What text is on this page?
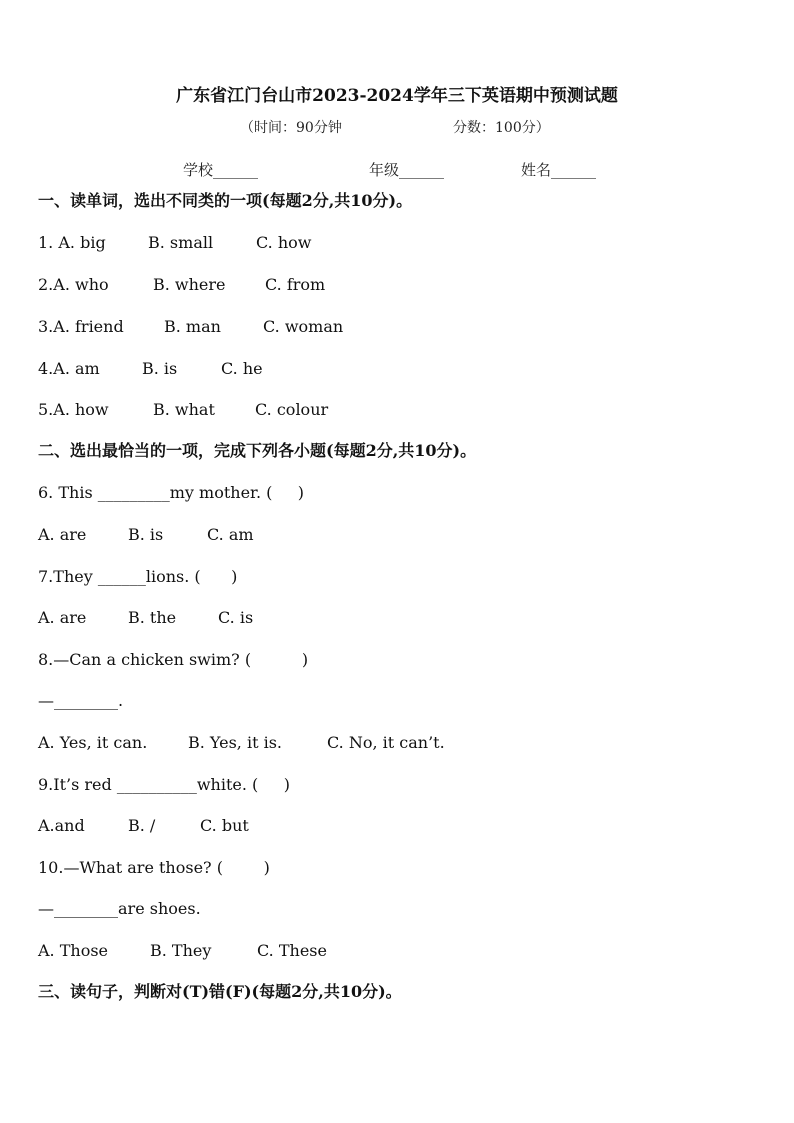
广东省江门台山市2023-2024学年三下英语期中预测试题
（时间：90分钟	分数：100分）
学校______	年级______	姓名______
一、读单词，选出不同类的一项(每题2分,共10分)。
1. A. big	B. small	C. how
2.A. who	B. where C. from
3.A. friend	B. man	C. woman
4.A. am	B. is	C. he
5.A. how	B. what	C. colour
二、选出最恰当的一项，完成下列各小题(每题2分,共10分)。
6. This _________my mother. (     )
A. are	B. is	C. am
7.They ______lions. (      )
A. are	B. the	C. is
8.—Can a chicken swim? (          )
—________.
A. Yes, it can.	B. Yes, it is.	C. No, it can’t.
9.It’s red __________white. (     )
A.and	B. /	C. but
10.—What are those? (        )
—________are shoes.
A. Those	B. They	C. These
三、读句子，判断对(T)错(F)(每题2分,共10分)。
